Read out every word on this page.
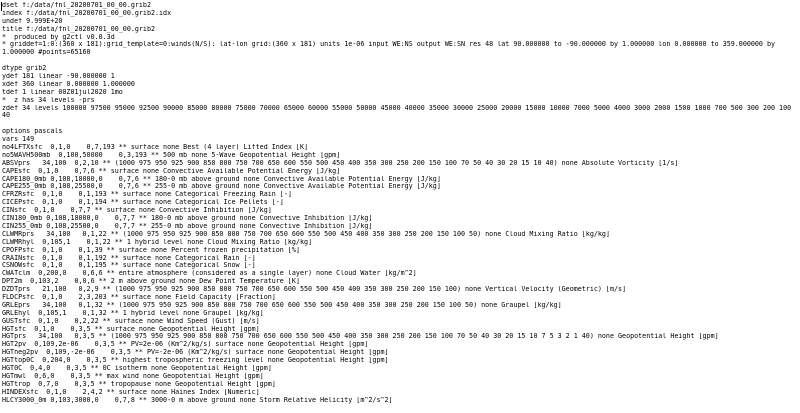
dset f:/data/fnl_20200701_00_00.grib2
index f:/data/fnl_20200701_00_00.grib2.idx
undef 9.999E+20
title f:/data/fnl_20200701_00_00.grib2
*  produced by g2ctl v0.0.3d
* griddef=1:0:(360 x 181):grid_template=0:winds(N/S): lat-lon grid:(360 x 181) units 1e-06 input WE:NS output WE:SN res 48 lat 90.000000 to -90.000000 by 1.000000 lon 0.000000 to 359.000000 by
1.000000 #points=65160
dtype grib2
ydef 181 linear -90.000000 1
xdef 360 linear 0.000000 1.000000
tdef 1 linear 00Z01jul2020 1mo
*  z has 34 levels -prs
zdef 34 levels 100000 97500 95000 92500 90000 85000 80000 75000 70000 65000 60000 55000 50000 45000 40000 35000 30000 25000 20000 15000 10000 7000 5000 4000 3000 2000 1500 1000 700 500 300 200 100
40
options pascals
vars 149
no4LFTXsfc  0,1,0    0,7,193 ** surface none Best (4 layer) Lifted Index [K]
no5WAVH500mb  0,100,50000    0,3,193 ** 500 mb none 5-Wave Geopotential Height [gpm]
ABSVprs   34,100  0,2,10 ** (1000 975 950 925 900 850 800 750 700 650 600 550 500 450 400 350 300 250 200 150 100 70 50 40 30 20 15 10 40) none Absolute Vorticity [1/s]
CAPEsfc  0,1,0    0,7,6 ** surface none Convective Available Potential Energy [J/kg]
CAPE180_0mb 0,108,18000,0    0,7,6 ** 180-0 mb above ground none Convective Available Potential Energy [J/kg]
CAPE255_0mb 0,108,25500,0    0,7,6 ** 255-0 mb above ground none Convective Available Potential Energy [J/kg]
CFRZRsfc  0,1,0    0,1,193 ** surface none Categorical Freezing Rain [-]
CICEPsfc  0,1,0    0,1,194 ** surface none Categorical Ice Pellets [-]
CINsfc  0,1,0    0,7,7 ** surface none Convective Inhibition [J/kg]
CIN180_0mb 0,108,18000,0    0,7,7 ** 180-0 mb above ground none Convective Inhibition [J/kg]
CIN255_0mb 0,108,25500,0    0,7,7 ** 255-0 mb above ground none Convective Inhibition [J/kg]
CLWMRprs   34,100   0,1,22 ** (1000 975 950 925 900 850 800 750 700 650 600 550 500 450 400 350 300 250 200 150 100 50) none Cloud Mixing Ratio [kg/kg]
CLWMRhyl  0,105,1    0,1,22 ** 1 hybrid level none Cloud Mixing Ratio [kg/kg]
CPOFPsfc  0,1,0    0,1,39 ** surface none Percent frozen precipitation [%]
CRAINsfc  0,1,0    0,1,192 ** surface none Categorical Rain [-]
CSNOWsfc  0,1,0    0,1,195 ** surface none Categorical Snow [-]
CWATclm  0,200,0    0,6,6 ** entire atmosphere (considered as a single layer) none Cloud Water [kg/m^2]
DPT2m  0,103,2    0,0,6 ** 2 m above ground none Dew Point Temperature [K]
DZDTprs   21,100   0,2,9 ** (1000 975 950 925 900 850 800 750 700 650 600 550 500 450 400 350 300 250 200 150 100) none Vertical Velocity (Geometric) [m/s]
FLDCPsfc  0,1,0    2,3,203 ** surface none Field Capacity [Fraction]
GRLEprs   34,100   0,1,32 ** (1000 975 950 925 900 850 800 750 700 650 600 550 500 450 400 350 300 250 200 150 100 50) none Graupel [kg/kg]
GRLEhyl  0,105,1    0,1,32 ** 1 hybrid level none Graupel [kg/kg]
GUSTsfc  0,1,0    0,2,22 ** surface none Wind Speed (Gust) [m/s]
HGTsfc  0,1,0    0,3,5 ** surface none Geopotential Height [gpm]
HGTprs   34,100   0,3,5 ** (1000 975 950 925 900 850 800 750 700 650 600 550 500 450 400 350 300 250 200 150 100 70 50 40 30 20 15 10 7 5 3 2 1 40) none Geopotential Height [gpm]
HGT2pv  0,109,2e-06    0,3,5 ** PV=2e-06 (Km^2/kg/s) surface none Geopotential Height [gpm]
HGTneg2pv  0,109,-2e-06    0,3,5 ** PV=-2e-06 (Km^2/kg/s) surface none Geopotential Height [gpm]
HGTtop0C  0,204,0    0,3,5 ** highest tropospheric freezing level none Geopotential Height [gpm]
HGT0C  0,4,0    0,3,5 ** 0C isotherm none Geopotential Height [gpm]
HGTmwl  0,6,0    0,3,5 ** max wind none Geopotential Height [gpm]
HGTtrop  0,7,0    0,3,5 ** tropopause none Geopotential Height [gpm]
HINDEXsfc  0,1,0    2,4,2 ** surface none Haines Index [Numeric]
HLCY3000_0m 0,103,3000,0    0,7,8 ** 3000-0 m above ground none Storm Relative Helicity [m^2/s^2]
